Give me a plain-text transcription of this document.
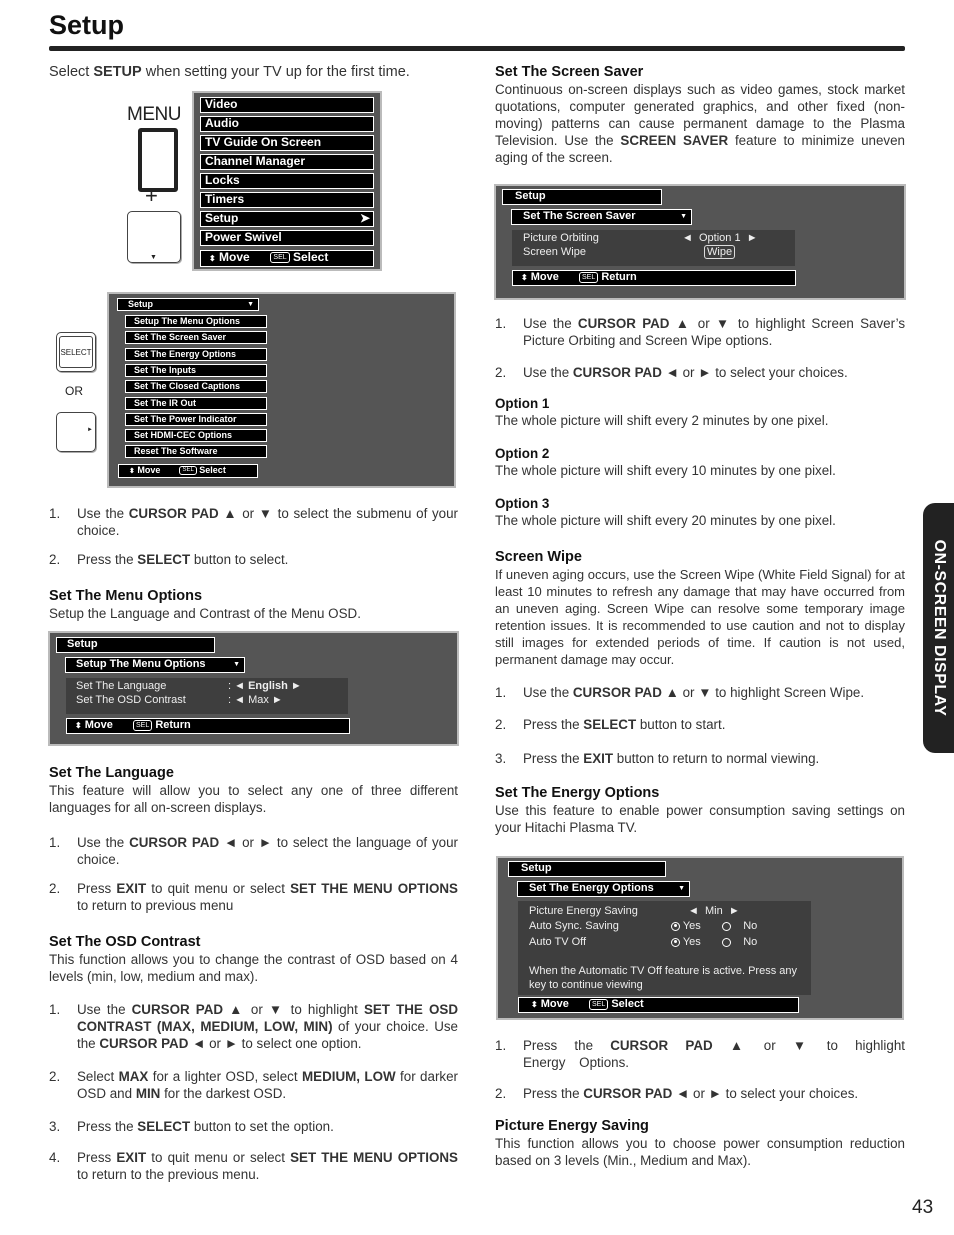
Setup
Select SETUP when setting your TV up for the first time.
MENU
+
▼
Video
Audio
TV Guide On Screen
Channel Manager
Locks
Timers
Setup	➤
Power Swivel
⬍ Move	SEL Select
SELECT
OR
►
Setup	▼
Setup The Menu Options
Set The Screen Saver
Set The Energy Options
Set The Inputs
Set The Closed Captions
Set The IR Out
Set The Power Indicator
Set HDMI-CEC Options
Reset The Software
⬍ Move	SEL Select
1.	Use the CURSOR PAD ▲ or ▼ to select the submenu of your choice.
2.	Press the SELECT button to select.

Set The Menu Options

Setup the Language and Contrast of the Menu OSD.

Setup
Setup The Menu Options	▼
Set The Language	: ◄ English ►
Set The OSD Contrast	: ◄ Max ►
⬍ Move	SEL Return

Set The Language

This feature will allow you to select any one of three different languages for all on-screen displays.

1.	Use the CURSOR PAD ◄ or ► to select the language of your choice.
2.	Press EXIT to quit menu or select SET THE MENU OPTIONS to return to previous menu

Set The OSD Contrast

This function allows you to change the contrast of OSD based on 4 levels (min, low, medium and max).

1.	Use the CURSOR PAD ▲ or ▼ to highlight SET THE OSD CONTRAST (MAX, MEDIUM, LOW, MIN) of your choice. Use the CURSOR PAD ◄ or ► to select one option.
2.	Select MAX for a lighter OSD, select MEDIUM, LOW for darker OSD and MIN for the darkest OSD.
3.	Press the SELECT button to set the option.
4.	Press EXIT to quit menu or select SET THE MENU OPTIONS to return to the previous menu.

Set The Screen Saver

Continuous on-screen displays such as video games, stock market quotations, computer generated graphics, and other fixed (non-moving) patterns can cause permanent damage to the Plasma Television. Use the SCREEN SAVER feature to minimize uneven aging of the screen.

Setup
Set The Screen Saver	▼
Picture Orbiting	◄  Option 1  ►
Screen Wipe	Wipe
⬍ Move	SEL Return
1.	Use the CURSOR PAD ▲ or ▼ to highlight Screen Saver’s Picture Orbiting and Screen Wipe options.
2.	Use the CURSOR PAD ◄ or ► to select your choices.

Option 1

The whole picture will shift every 2 minutes by one pixel.

Option 2

The whole picture will shift every 10 minutes by one pixel.

Option 3

The whole picture will shift every 20 minutes by one pixel.

Screen Wipe

If uneven aging occurs, use the Screen Wipe (White Field Signal) for at least 10 minutes to refresh any damage that may have occurred from an uneven aging. Screen Wipe can resolve some temporary image retention issues. It is recommended to use caution and not to display still images for extended periods of time. If caution is not used, permanent damage may occur.

1.	Use the CURSOR PAD ▲ or ▼ to highlight Screen Wipe.
2.	Press the SELECT button to start.
3.	Press the EXIT button to return to normal viewing.

Set The Energy Options

Use this feature to enable power consumption saving settings on your Hitachi Plasma TV.

Setup
Set The Energy Options	▼
Picture Energy Saving	◄  Min  ►
Auto Sync. Saving	Yes	No
Auto TV Off	Yes	No
When the Automatic TV Off feature is active. Press any key to continue viewing
⬍ Move	SEL Select
1.	Press the CURSOR PAD ▲ or ▼ to highlight Energy Options.
2.	Press the CURSOR PAD ◄ or ► to select your choices.

Picture Energy Saving

This function allows you to choose power consumption reduction based on 3 levels (Min., Medium and Max).

ON-SCREEN DISPLAY
43
